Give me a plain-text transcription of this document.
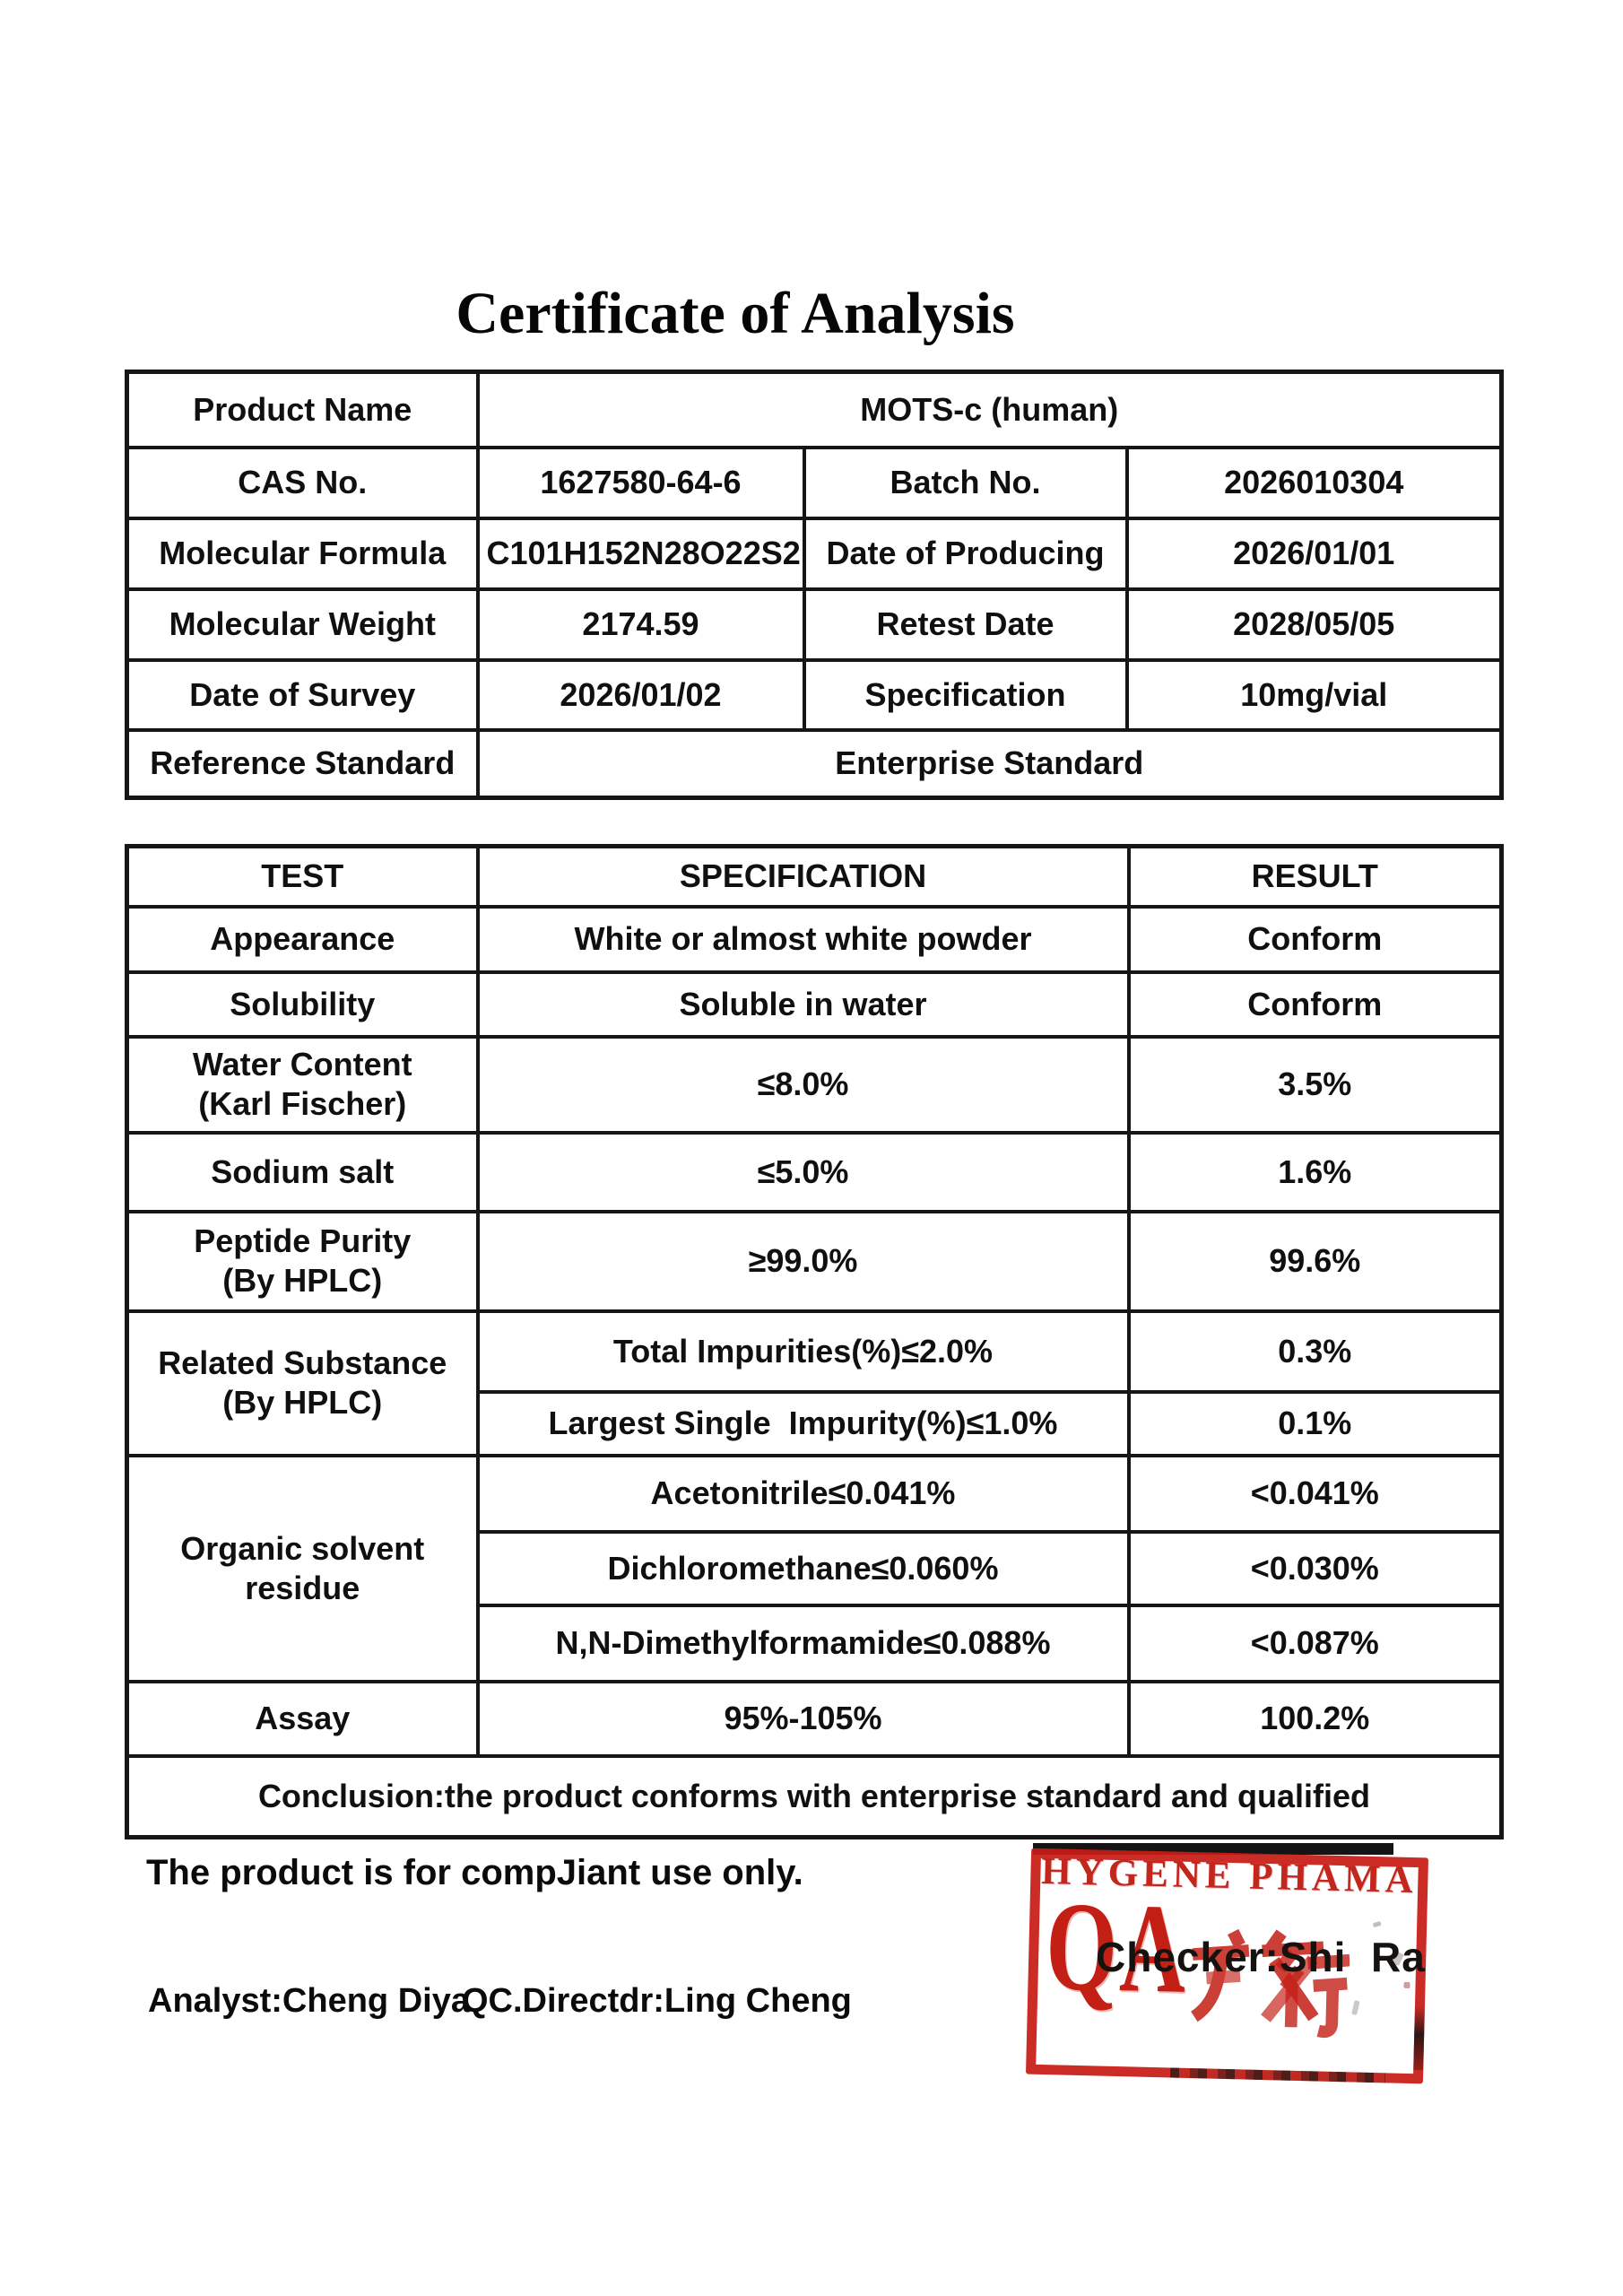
Certificate of Analysis
Product Name	MOTS-c (human)		
CAS No.	1627580-64-6	Batch No.	2026010304
Molecular Formula	C101H152N28O22S2	Date of Producing	2026/01/01
Molecular Weight	2174.59	Retest Date	2028/05/05
Date of Survey	2026/01/02	Specification	10mg/vial
Reference Standard	Enterprise Standard		
TEST	SPECIFICATION	RESULT
Appearance	White or almost white powder	Conform
Solubility	Soluble in water	Conform

Water Content
(Karl Fischer)	≤8.0%	3.5%
Sodium salt	≤5.0%	1.6%

Peptide Purity
(By HPLC)	≥99.0%	99.6%

Related Substance
(By HPLC)	Total Impurities(%)≤2.0%	0.3%
	Largest Single  Impurity(%)≤1.0%	0.1%
Organic solvent residue	Acetonitrile≤0.041%	<0.041%
	Dichloromethane≤0.060%	<0.030%
	N,N-Dimethylformamide≤0.088%	<0.087%
Assay	95%-105%	100.2%
Conclusion:the product conforms with enterprise standard and qualified		
The product is for compJiant use only.
Analyst:Cheng Diya
QC.Directdr:Ling Cheng
HYGENE PHAMA
QA
Checker:Shi  Ra
